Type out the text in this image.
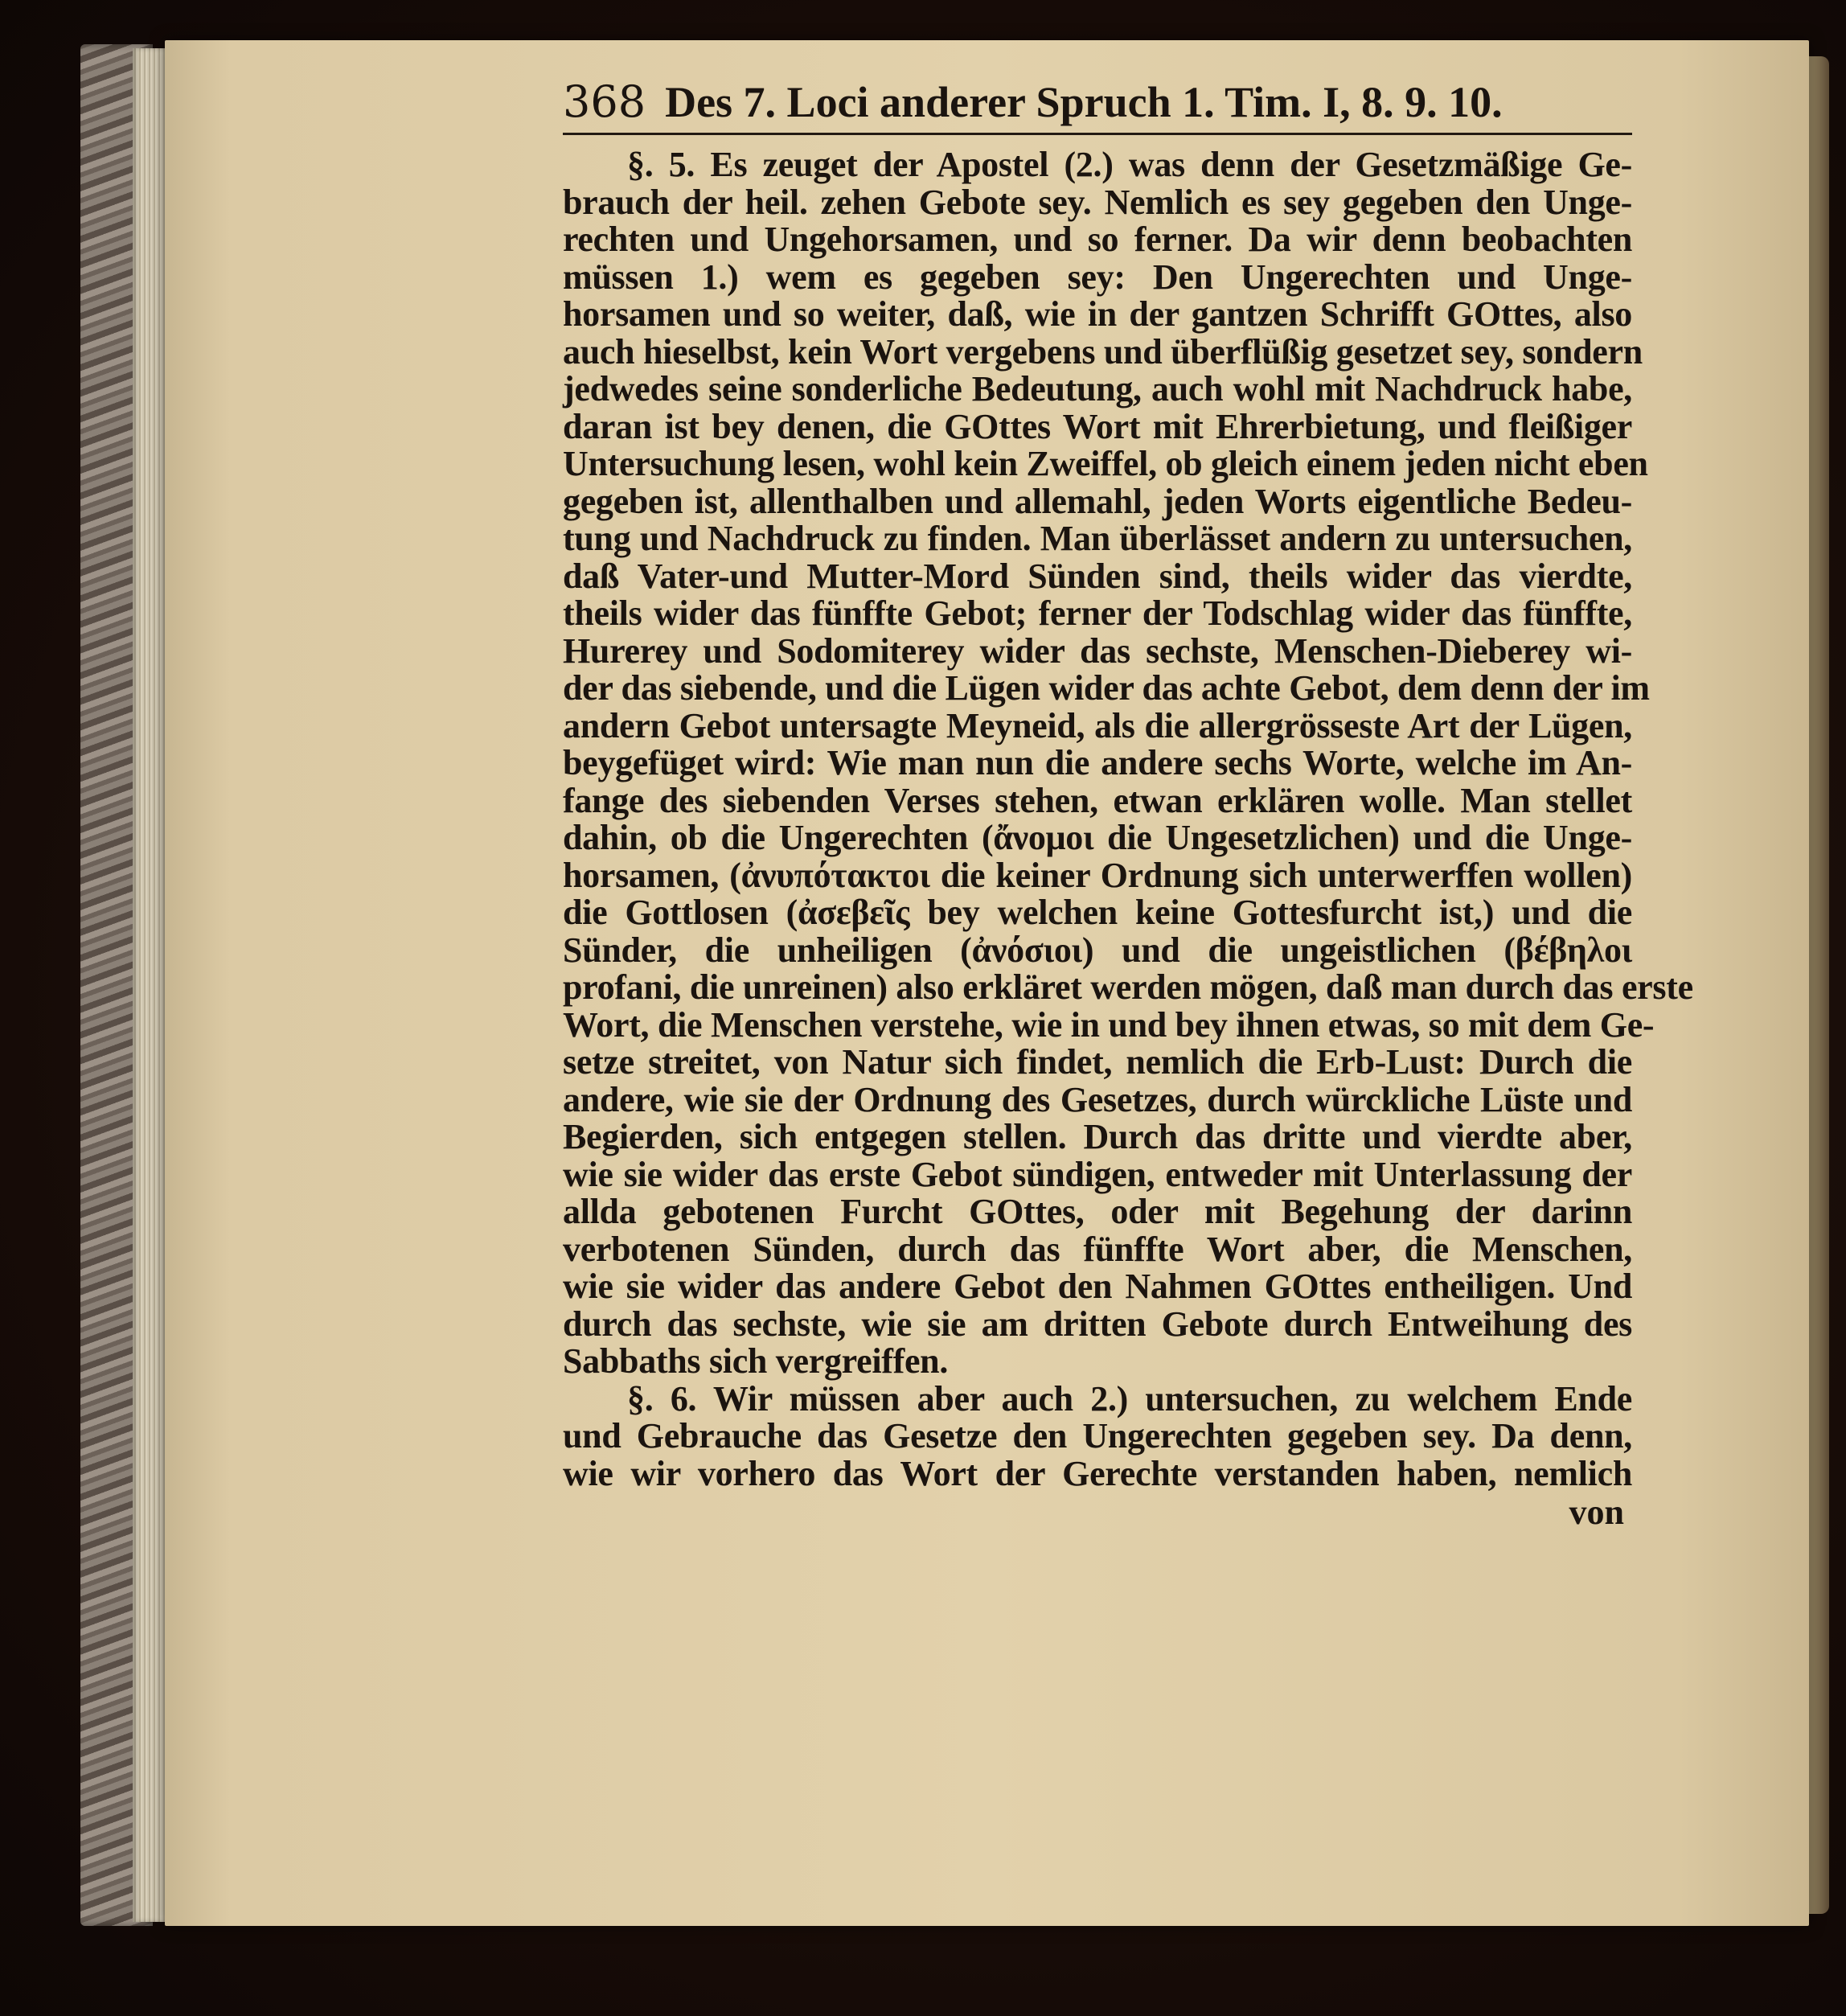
368 Des 7. Loci anderer Spruch 1. Tim. I, 8. 9. 10.
§. 5. Es zeuget der Apostel (2.) was denn der Gesetzmäßige Ge-
brauch der heil. zehen Gebote sey. Nemlich es sey gegeben den Unge-
rechten und Ungehorsamen, und so ferner. Da wir denn beobachten
müssen 1.) wem es gegeben sey: Den Ungerechten und Unge-
horsamen und so weiter, daß, wie in der gantzen Schrifft GOttes, also
auch hieselbst, kein Wort vergebens und überflüßig gesetzet sey, sondern
jedwedes seine sonderliche Bedeutung, auch wohl mit Nachdruck habe,
daran ist bey denen, die GOttes Wort mit Ehrerbietung, und fleißiger
Untersuchung lesen, wohl kein Zweiffel, ob gleich einem jeden nicht eben
gegeben ist, allenthalben und allemahl, jeden Worts eigentliche Bedeu-
tung und Nachdruck zu finden. Man überlässet andern zu untersuchen,
daß Vater-und Mutter-Mord Sünden sind, theils wider das vierdte,
theils wider das fünffte Gebot; ferner der Todschlag wider das fünffte,
Hurerey und Sodomiterey wider das sechste, Menschen-Dieberey wi-
der das siebende, und die Lügen wider das achte Gebot, dem denn der im
andern Gebot untersagte Meyneid, als die allergrösseste Art der Lügen,
beygefüget wird: Wie man nun die andere sechs Worte, welche im An-
fange des siebenden Verses stehen, etwan erklären wolle. Man stellet
dahin, ob die Ungerechten (ἄνομοι die Ungesetzlichen) und die Unge-
horsamen, (ἀνυπότακτοι die keiner Ordnung sich unterwerffen wollen)
die Gottlosen (ἀσεβεῖς bey welchen keine Gottesfurcht ist,) und die
Sünder, die unheiligen (ἀνόσιοι) und die ungeistlichen (βέβηλοι
profani, die unreinen) also erkläret werden mögen, daß man durch das erste
Wort, die Menschen verstehe, wie in und bey ihnen etwas, so mit dem Ge-
setze streitet, von Natur sich findet, nemlich die Erb-Lust: Durch die
andere, wie sie der Ordnung des Gesetzes, durch würckliche Lüste und
Begierden, sich entgegen stellen. Durch das dritte und vierdte aber,
wie sie wider das erste Gebot sündigen, entweder mit Unterlassung der
allda gebotenen Furcht GOttes, oder mit Begehung der darinn
verbotenen Sünden, durch das fünffte Wort aber, die Menschen,
wie sie wider das andere Gebot den Nahmen GOttes entheiligen. Und
durch das sechste, wie sie am dritten Gebote durch Entweihung des
Sabbaths sich vergreiffen.
§. 6. Wir müssen aber auch 2.) untersuchen, zu welchem Ende
und Gebrauche das Gesetze den Ungerechten gegeben sey. Da denn,
wie wir vorhero das Wort der Gerechte verstanden haben, nemlich
von
